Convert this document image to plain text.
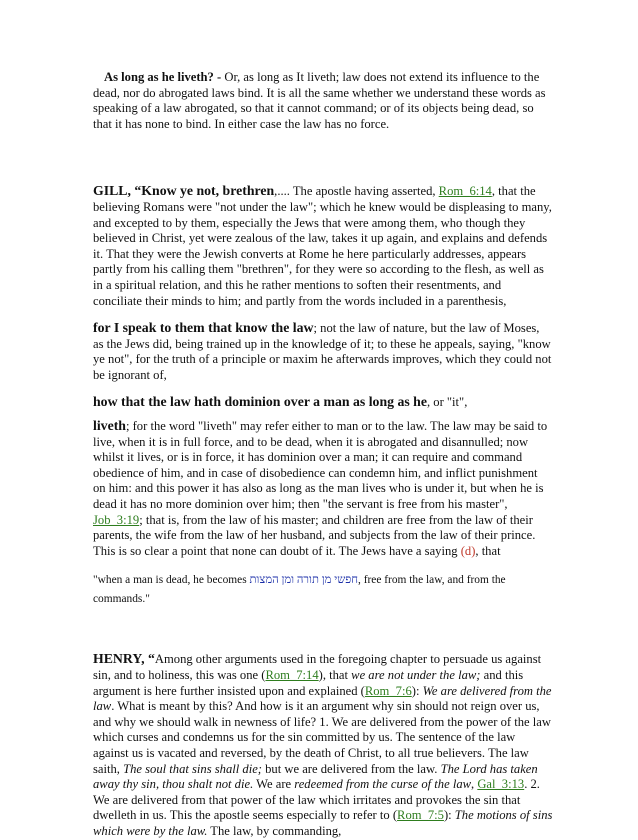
As long as he liveth? - Or, as long as It liveth; law does not extend its influence to the dead, nor do abrogated laws bind. It is all the same whether we understand these words as speaking of a law abrogated, so that it cannot command; or of its objects being dead, so that it has none to bind. In either case the law has no force.

GILL, “Know ye not, brethren,.... The apostle having asserted, Rom_6:14, that the believing Romans were "not under the law"; which he knew would be displeasing to many, and excepted to by them, especially the Jews that were among them, who though they believed in Christ, yet were zealous of the law, takes it up again, and explains and defends it. That they were the Jewish converts at Rome he here particularly addresses, appears partly from his calling them "brethren", for they were so according to the flesh, as well as in a spiritual relation, and this he rather mentions to soften their resentments, and conciliate their minds to him; and partly from the words included in a parenthesis,

for I speak to them that know the law; not the law of nature, but the law of Moses, as the Jews did, being trained up in the knowledge of it; to these he appeals, saying, "know ye not", for the truth of a principle or maxim he afterwards improves, which they could not be ignorant of,

how that the law hath dominion over a man as long as he, or "it",

liveth; for the word "liveth" may refer either to man or to the law. The law may be said to live, when it is in full force, and to be dead, when it is abrogated and disannulled; now whilst it lives, or is in force, it has dominion over a man; it can require and command obedience of him, and in case of disobedience can condemn him, and inflict punishment on him: and this power it has also as long as the man lives who is under it, but when he is dead it has no more dominion over him; then "the servant is free from his master", Job_3:19; that is, from the law of his master; and children are free from the law of their parents, the wife from the law of her husband, and subjects from the law of their prince. This is so clear a point that none can doubt of it. The Jews have a saying (d), that

"when a man is dead, he becomes חפשי מן תורה ומן המצות, free from the law, and from the commands."

HENRY, “Among other arguments used in the foregoing chapter to persuade us against sin, and to holiness, this was one (Rom_7:14), that we are not under the law; and this argument is here further insisted upon and explained (Rom_7:6): We are delivered from the law. What is meant by this? And how is it an argument why sin should not reign over us, and why we should walk in newness of life? 1. We are delivered from the power of the law which curses and condemns us for the sin committed by us. The sentence of the law against us is vacated and reversed, by the death of Christ, to all true believers. The law saith, The soul that sins shall die; but we are delivered from the law. The Lord has taken away thy sin, thou shalt not die. We are redeemed from the curse of the law, Gal_3:13. 2. We are delivered from that power of the law which irritates and provokes the sin that dwelleth in us. This the apostle seems especially to refer to (Rom_7:5): The motions of sins which were by the law. The law, by commanding,
